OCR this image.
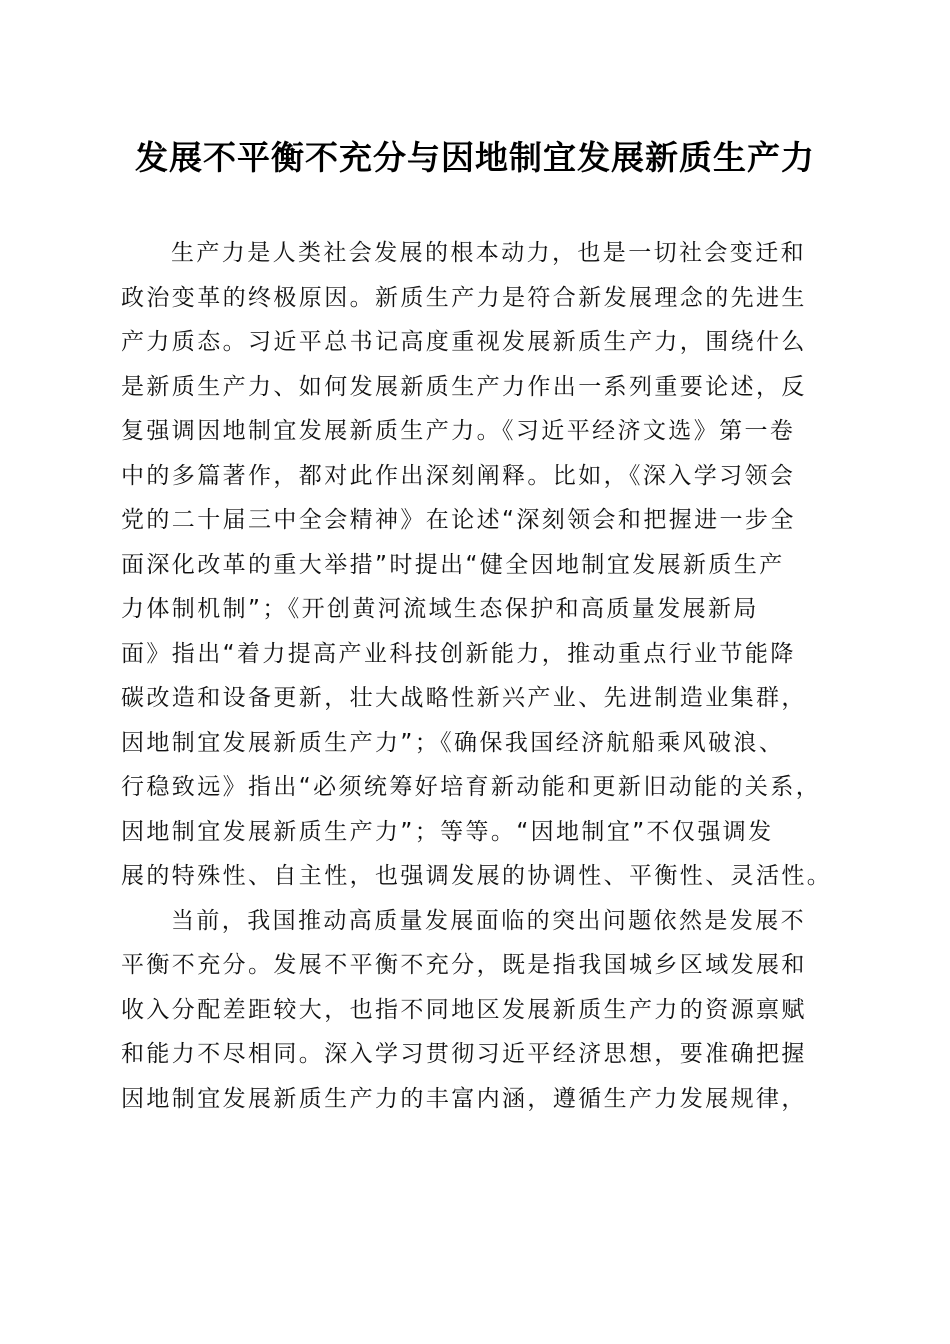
发展不平衡不充分与因地制宜发展新质生产力
生产力是人类社会发展的根本动力，也是一切社会变迁和
政治变革的终极原因。新质生产力是符合新发展理念的先进生
产力质态。习近平总书记高度重视发展新质生产力，围绕什么
是新质生产力、如何发展新质生产力作出一系列重要论述，反
复强调因地制宜发展新质生产力。《习近平经济文选》第一卷
中的多篇著作，都对此作出深刻阐释。比如，《深入学习领会
党的二十届三中全会精神》在论述“深刻领会和把握进一步全
面深化改革的重大举措”时提出“健全因地制宜发展新质生产
力体制机制”；《开创黄河流域生态保护和高质量发展新局
面》指出“着力提高产业科技创新能力，推动重点行业节能降
碳改造和设备更新，壮大战略性新兴产业、先进制造业集群，
因地制宜发展新质生产力”；《确保我国经济航船乘风破浪、
行稳致远》指出“必须统筹好培育新动能和更新旧动能的关系，
因地制宜发展新质生产力”；等等。“因地制宜”不仅强调发
展的特殊性、自主性，也强调发展的协调性、平衡性、灵活性。
当前，我国推动高质量发展面临的突出问题依然是发展不
平衡不充分。发展不平衡不充分，既是指我国城乡区域发展和
收入分配差距较大，也指不同地区发展新质生产力的资源禀赋
和能力不尽相同。深入学习贯彻习近平经济思想，要准确把握
因地制宜发展新质生产力的丰富内涵，遵循生产力发展规律，
